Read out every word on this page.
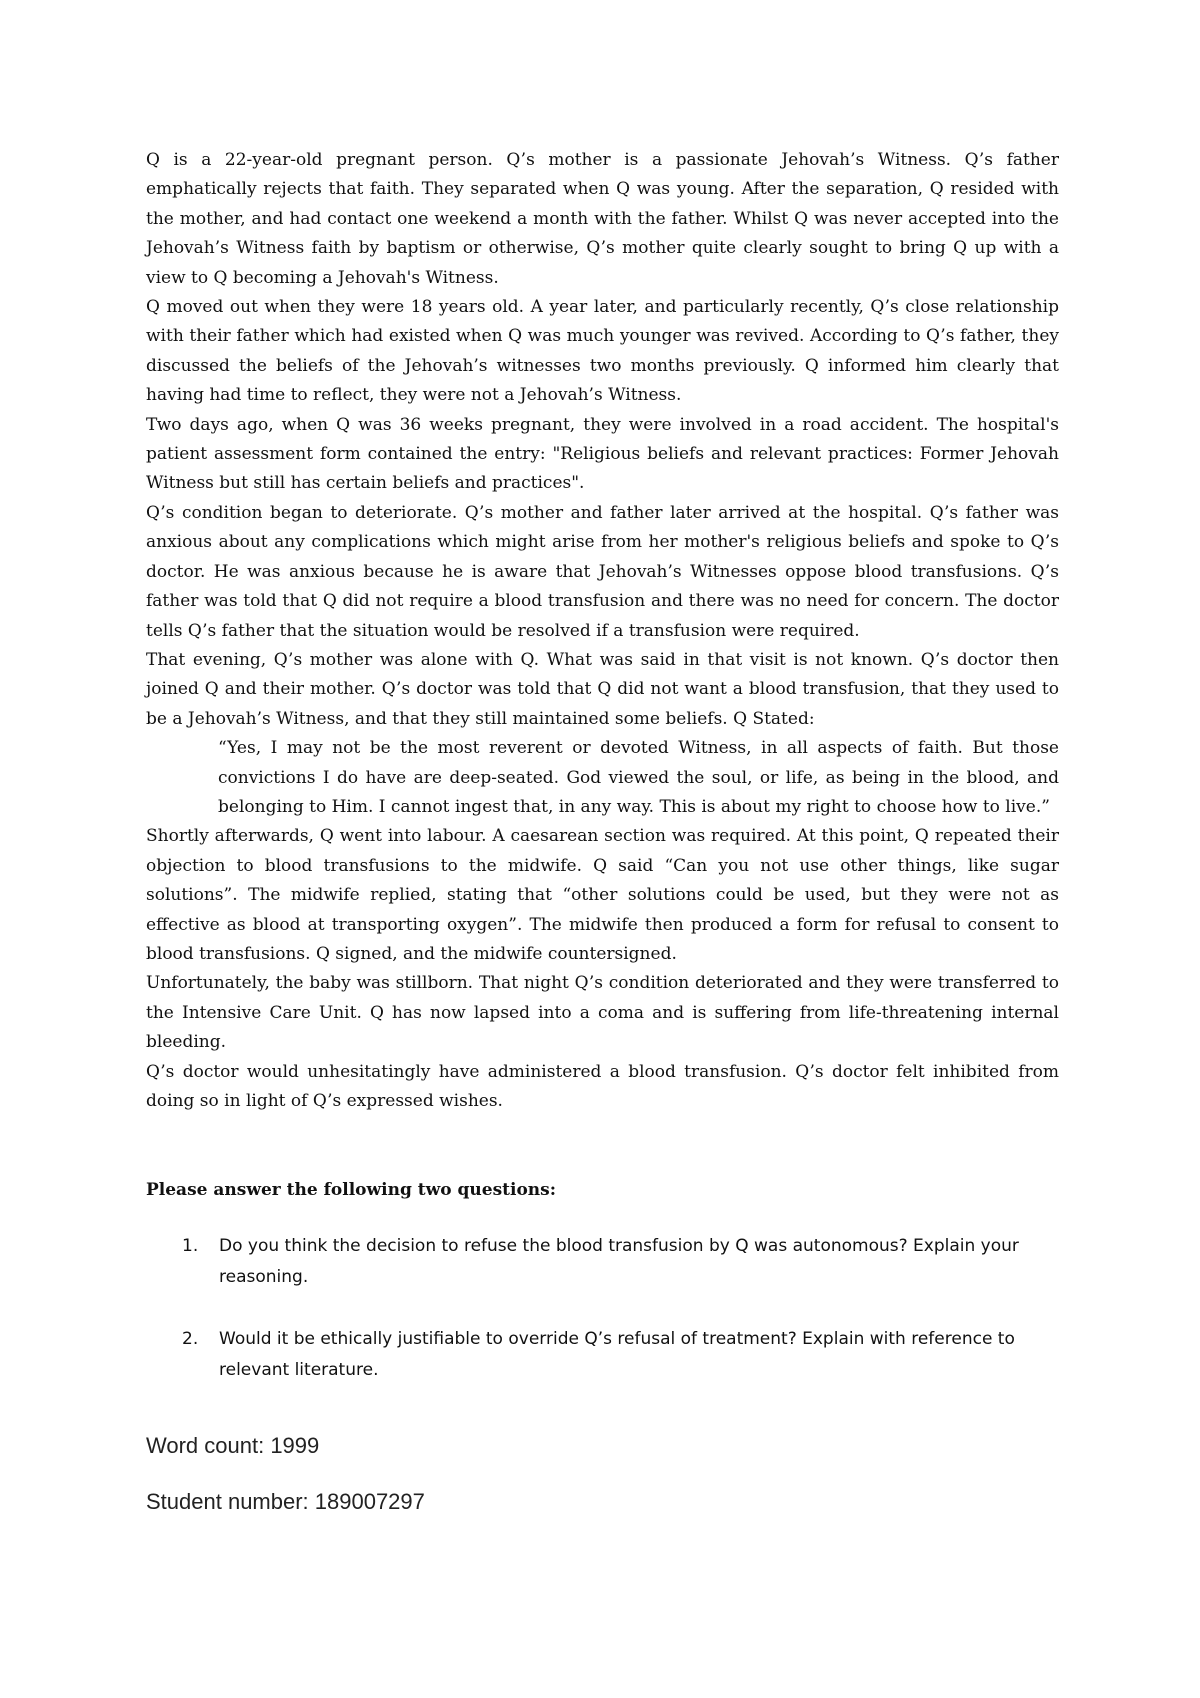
Q is a 22-year-old pregnant person. Q’s mother is a passionate Jehovah’s Witness. Q’s father emphatically rejects that faith. They separated when Q was young. After the separation, Q resided with the mother, and had contact one weekend a month with the father. Whilst Q was never accepted into the Jehovah’s Witness faith by baptism or otherwise, Q’s mother quite clearly sought to bring Q up with a view to Q becoming a Jehovah's Witness.

Q moved out when they were 18 years old. A year later, and particularly recently, Q’s close relationship with their father which had existed when Q was much younger was revived. According to Q’s father, they discussed the beliefs of the Jehovah’s witnesses two months previously. Q informed him clearly that having had time to reflect, they were not a Jehovah’s Witness.

Two days ago, when Q was 36 weeks pregnant, they were involved in a road accident. The hospital's patient assessment form contained the entry: "Religious beliefs and relevant practices: Former Jehovah Witness but still has certain beliefs and practices".

Q’s condition began to deteriorate. Q’s mother and father later arrived at the hospital. Q’s father was anxious about any complications which might arise from her mother's religious beliefs and spoke to Q’s doctor. He was anxious because he is aware that Jehovah’s Witnesses oppose blood transfusions. Q’s father was told that Q did not require a blood transfusion and there was no need for concern. The doctor tells Q’s father that the situation would be resolved if a transfusion were required.

That evening, Q’s mother was alone with Q. What was said in that visit is not known. Q’s doctor then joined Q and their mother. Q’s doctor was told that Q did not want a blood transfusion, that they used to be a Jehovah’s Witness, and that they still maintained some beliefs. Q Stated:

“Yes, I may not be the most reverent or devoted Witness, in all aspects of faith. But those convictions I do have are deep-seated. God viewed the soul, or life, as being in the blood, and belonging to Him. I cannot ingest that, in any way. This is about my right to choose how to live.”

Shortly afterwards, Q went into labour. A caesarean section was required. At this point, Q repeated their objection to blood transfusions to the midwife. Q said “Can you not use other things, like sugar solutions”. The midwife replied, stating that “other solutions could be used, but they were not as effective as blood at transporting oxygen”. The midwife then produced a form for refusal to consent to blood transfusions. Q signed, and the midwife countersigned.

Unfortunately, the baby was stillborn. That night Q’s condition deteriorated and they were transferred to the Intensive Care Unit. Q has now lapsed into a coma and is suffering from life-threatening internal bleeding.

Q’s doctor would unhesitatingly have administered a blood transfusion. Q’s doctor felt inhibited from doing so in light of Q’s expressed wishes.

Please answer the following two questions:
1. Do you think the decision to refuse the blood transfusion by Q was autonomous? Explain your reasoning.
2. Would it be ethically justifiable to override Q’s refusal of treatment? Explain with reference to relevant literature.
Word count: 1999
Student number: 189007297
